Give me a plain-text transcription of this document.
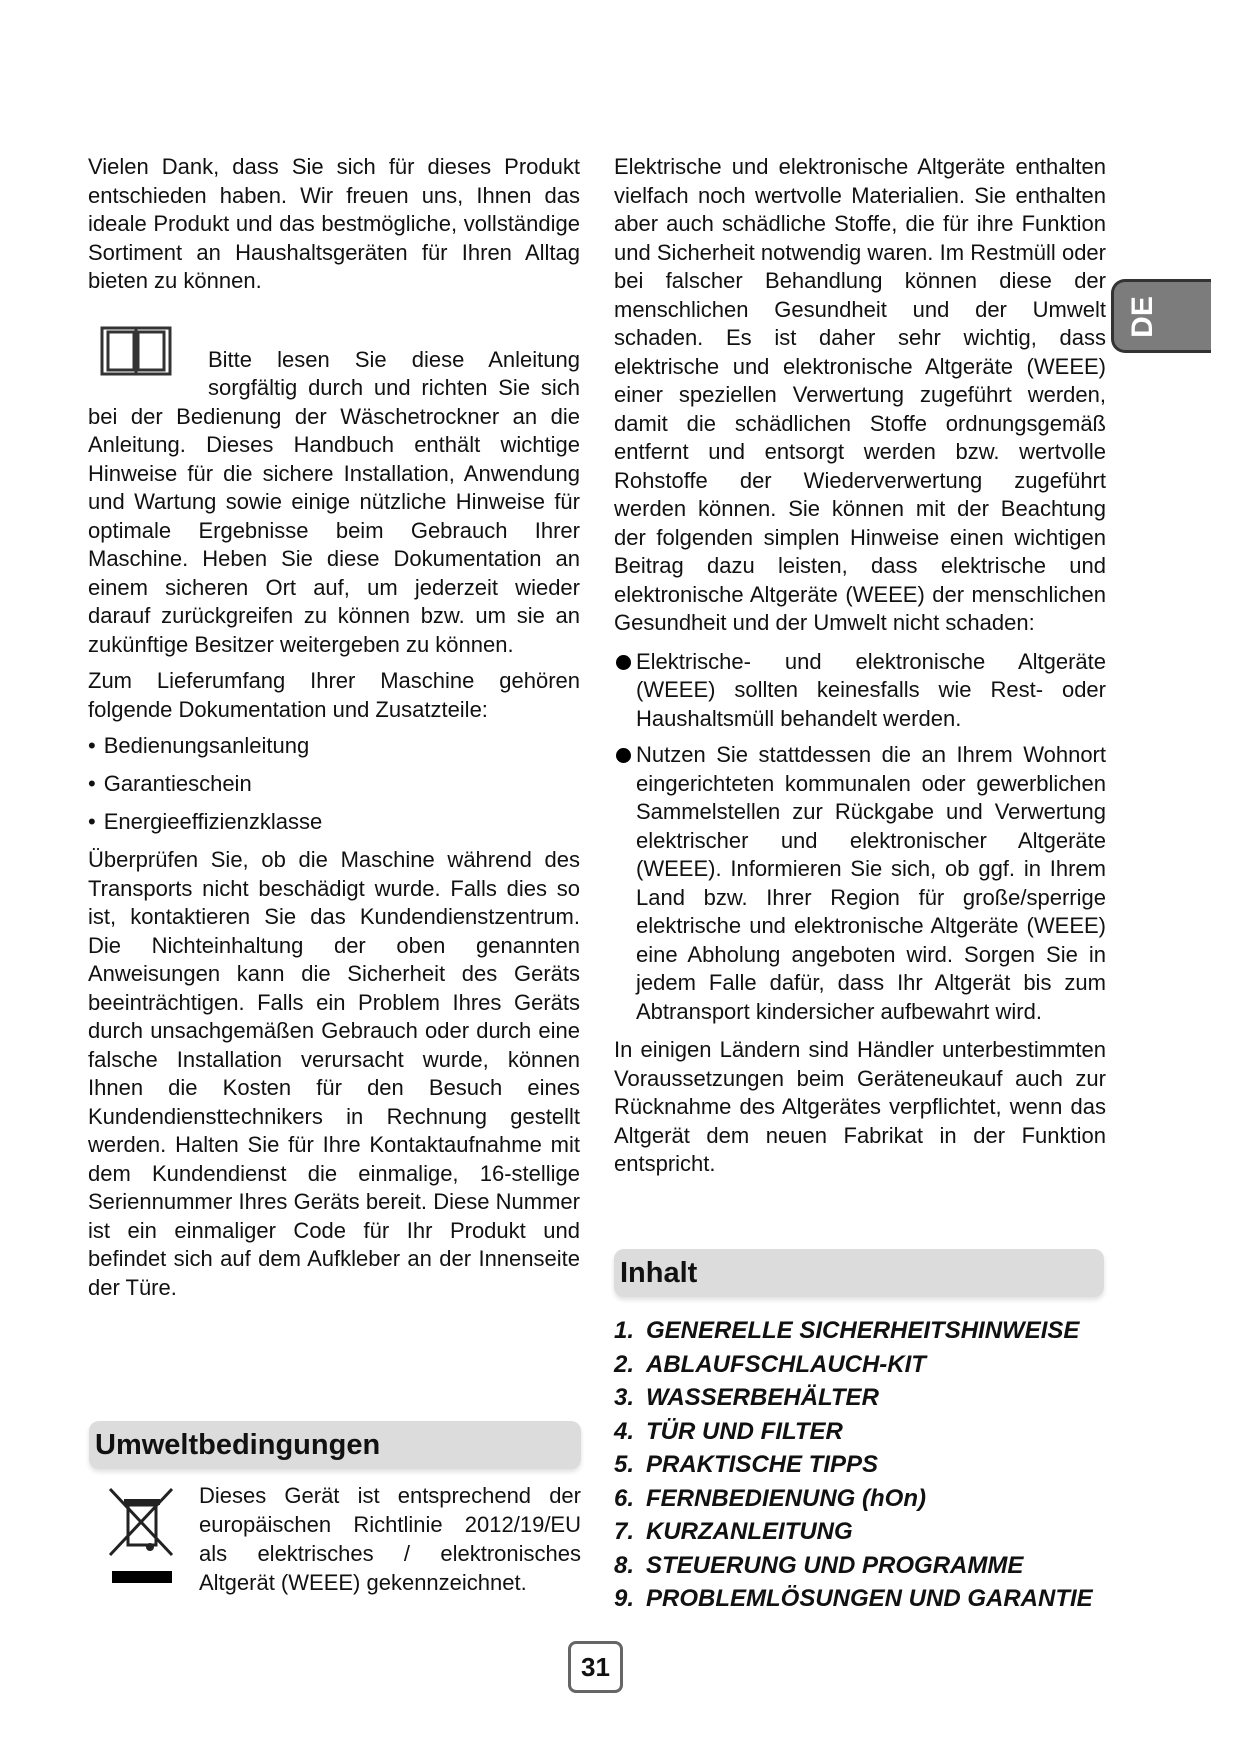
DE

Vielen Dank, dass Sie sich für dieses Produkt entschieden haben. Wir freuen uns, Ihnen das ideale Produkt und das bestmögliche, vollständige Sortiment an Haushaltsgeräten für Ihren Alltag bieten zu können.

Bitte lesen Sie diese Anleitung sorgfältig durch und richten Sie sich bei der Bedienung der Wäschetrockner an die Anleitung. Dieses Handbuch enthält wichtige Hinweise für die sichere Installation, Anwendung und Wartung sowie einige nützliche Hinweise für optimale Ergebnisse beim Gebrauch Ihrer Maschine. Heben Sie diese Dokumentation an einem sicheren Ort auf, um jederzeit wieder darauf zurückgreifen zu können bzw. um sie an zukünftige Besitzer weitergeben zu können.

Zum Lieferumfang Ihrer Maschine gehören folgende Dokumentation und Zusatzteile:

• Bedienungsanleitung
• Garantieschein
• Energieeffizienzklasse

Überprüfen Sie, ob die Maschine während des Transports nicht beschädigt wurde. Falls dies so ist, kontaktieren Sie das Kundendienstzentrum. Die Nichteinhaltung der oben genannten Anweisungen kann die Sicherheit des Geräts beeinträchtigen. Falls ein Problem Ihres Geräts durch unsachgemäßen Gebrauch oder durch eine falsche Installation verursacht wurde, können Ihnen die Kosten für den Besuch eines Kundendiensttechnikers in Rechnung gestellt werden. Halten Sie für Ihre Kontaktaufnahme mit dem Kundendienst die einmalige, 16-stellige Seriennummer Ihres Geräts bereit. Diese Nummer ist ein einmaliger Code für Ihr Produkt und befindet sich auf dem Aufkleber an der Innenseite der Türe.

Umweltbedingungen

Dieses Gerät ist entsprechend der europäischen Richtlinie 2012/19/EU als elektrisches / elektronisches Altgerät (WEEE) gekennzeichnet.

Elektrische und elektronische Altgeräte enthalten vielfach noch wertvolle Materialien. Sie enthalten aber auch schädliche Stoffe, die für ihre Funktion und Sicherheit notwendig waren. Im Restmüll oder bei falscher Behandlung können diese der menschlichen Gesundheit und der Umwelt schaden. Es ist daher sehr wichtig, dass elektrische und elektronische Altgeräte (WEEE) einer speziellen Verwertung zugeführt werden, damit die schädlichen Stoffe ordnungsgemäß entfernt und entsorgt werden bzw. wertvolle Rohstoffe der Wiederverwertung zugeführt werden können. Sie können mit der Beachtung der folgenden simplen Hinweise einen wichtigen Beitrag dazu leisten, dass elektrische und elektronische Altgeräte (WEEE) der menschlichen Gesundheit und der Umwelt nicht schaden:

Elektrische- und elektronische Altgeräte (WEEE) sollten keinesfalls wie Rest- oder Haushaltsmüll behandelt werden.
Nutzen Sie stattdessen die an Ihrem Wohnort eingerichteten kommunalen oder gewerblichen Sammelstellen zur Rückgabe und Verwertung elektrischer und elektronischer Altgeräte (WEEE). Informieren Sie sich, ob ggf. in Ihrem Land bzw. Ihrer Region für große/sperrige elektrische und elektronische Altgeräte (WEEE) eine Abholung angeboten wird. Sorgen Sie in jedem Falle dafür, dass Ihr Altgerät bis zum Abtransport kindersicher aufbewahrt wird.

In einigen Ländern sind Händler unterbestimmten Voraussetzungen beim Geräteneukauf auch zur Rücknahme des Altgerätes verpflichtet, wenn das Altgerät dem neuen Fabrikat in der Funktion entspricht.

Inhalt
1. GENERELLE SICHERHEITSHINWEISE
2. ABLAUFSCHLAUCH-KIT
3. WASSERBEHÄLTER
4. TÜR UND FILTER
5. PRAKTISCHE TIPPS
6. FERNBEDIENUNG (hOn)
7. KURZANLEITUNG
8. STEUERUNG UND PROGRAMME
9. PROBLEMLÖSUNGEN UND GARANTIE
31
